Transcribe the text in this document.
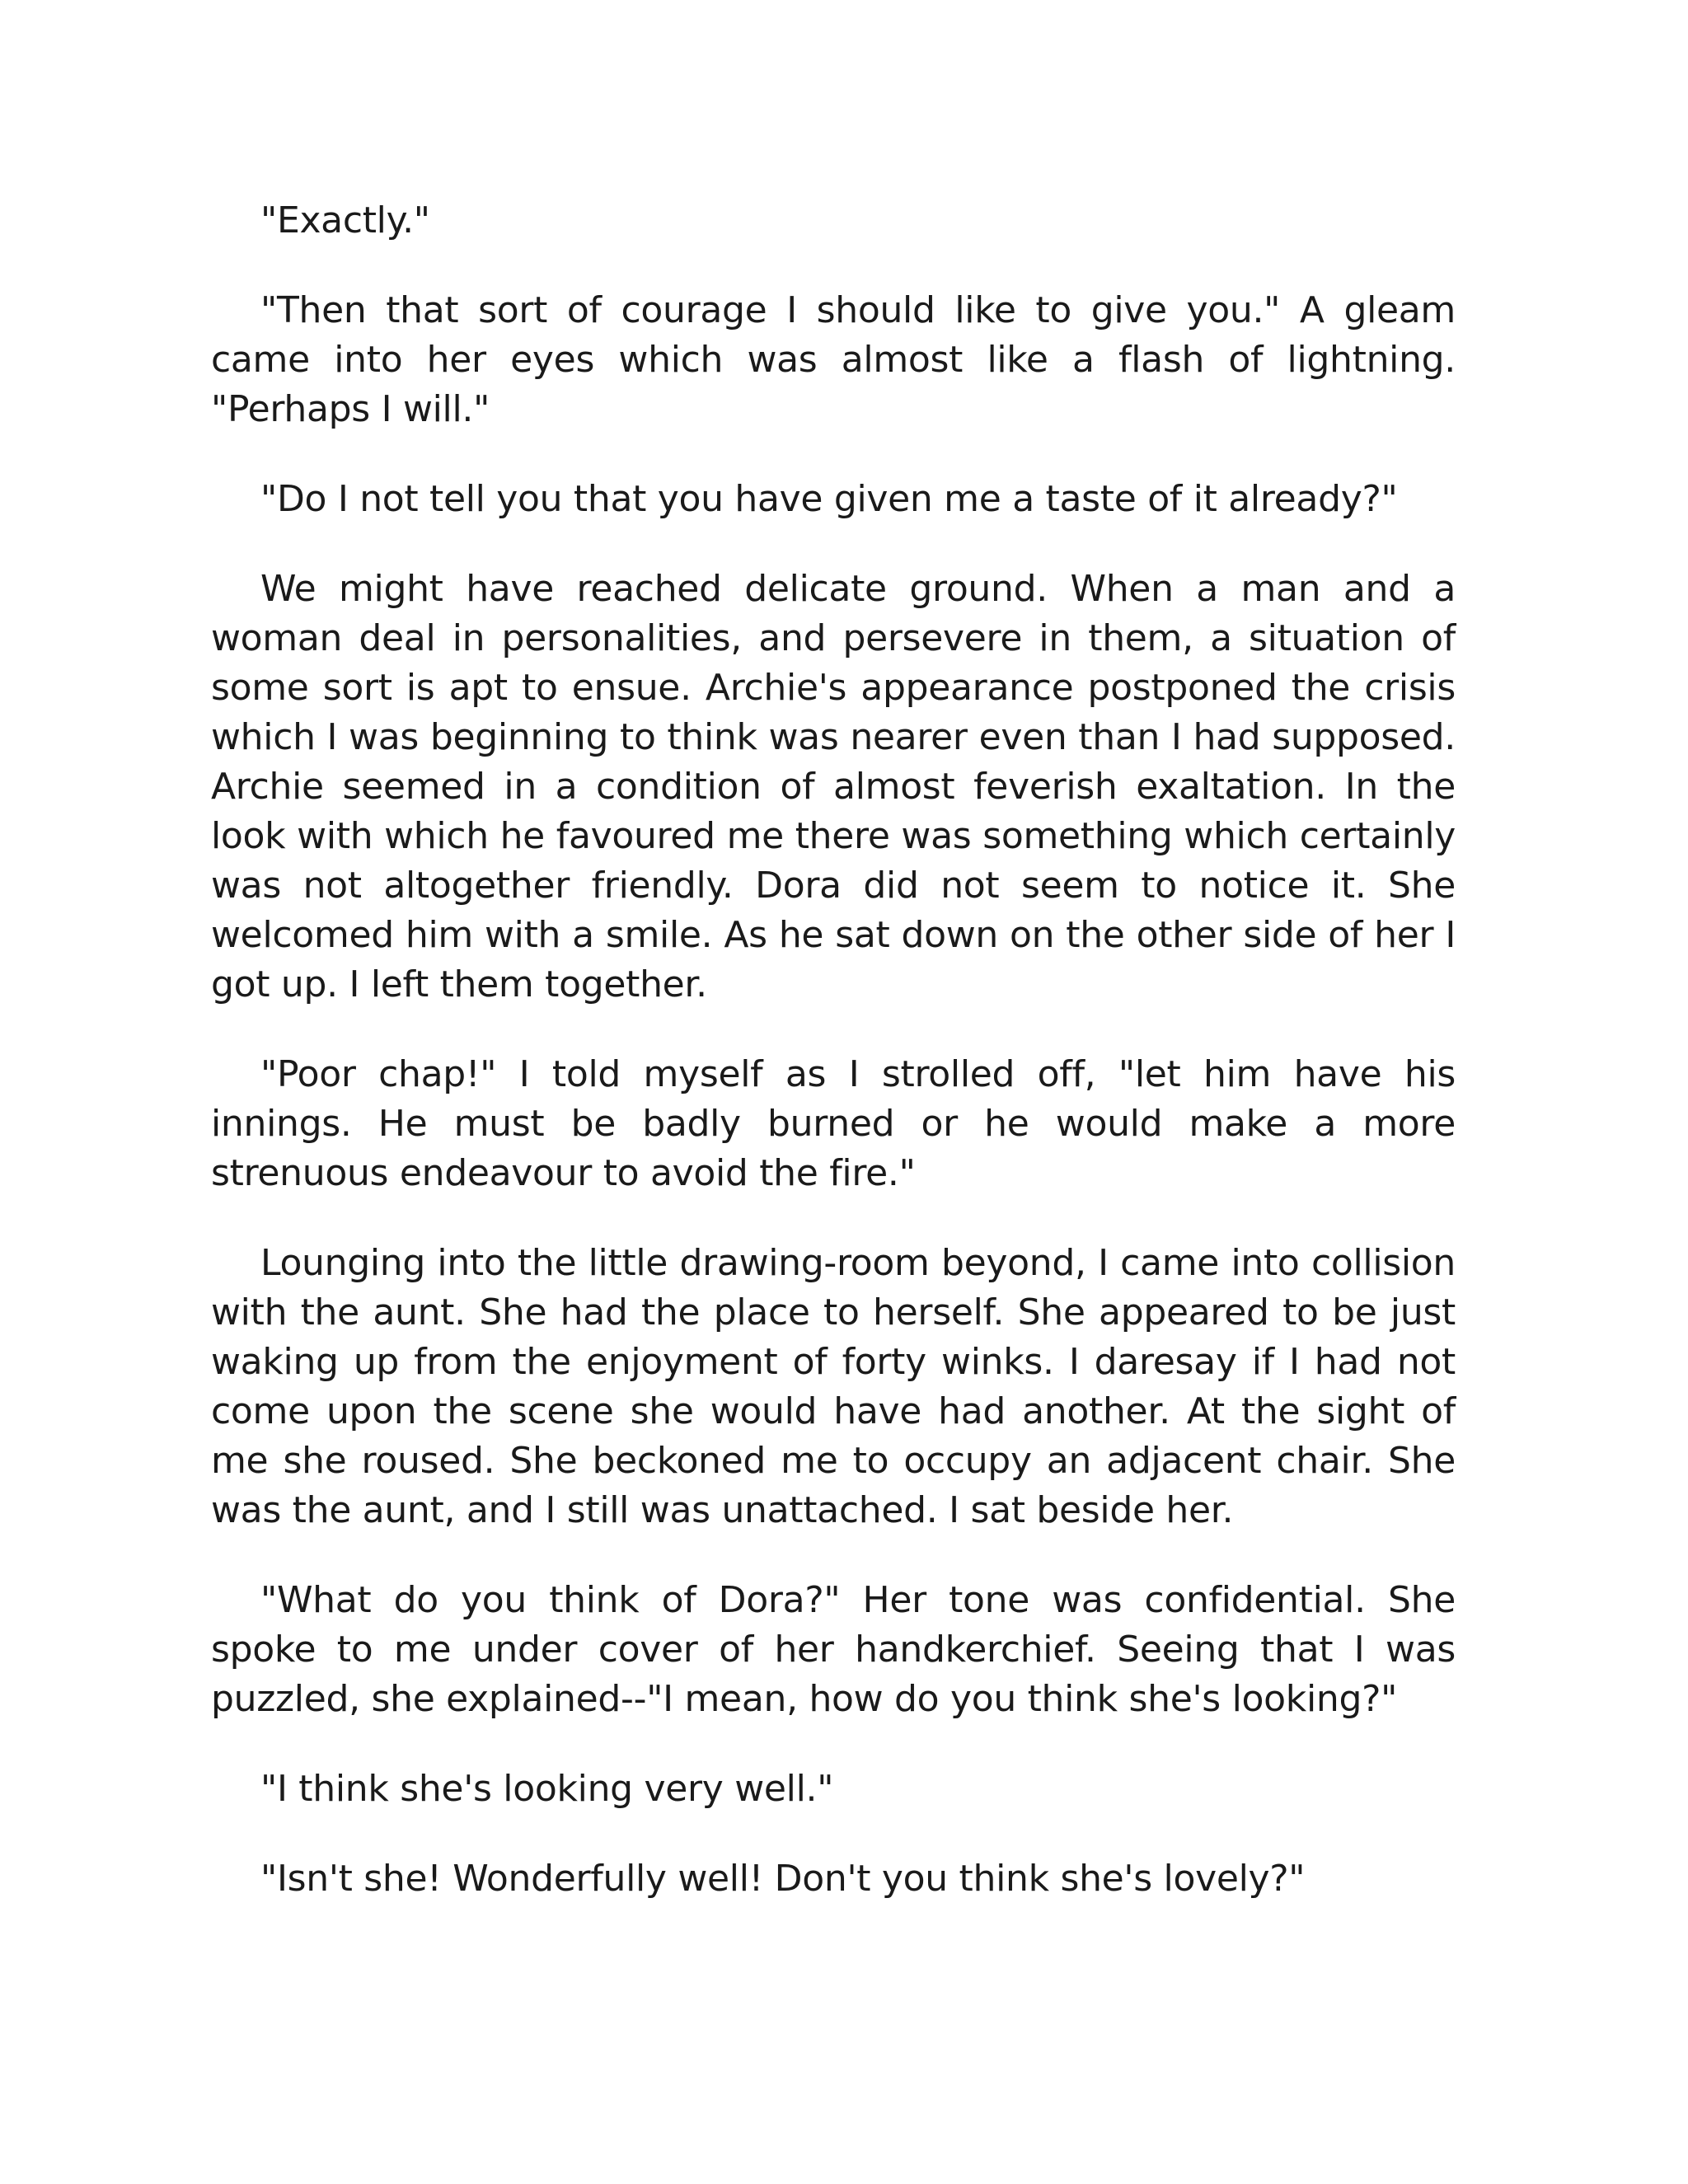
"Exactly."

"Then that sort of courage I should like to give you." A gleam came into her eyes which was almost like a flash of lightning. "Perhaps I will."

"Do I not tell you that you have given me a taste of it already?"

We might have reached delicate ground. When a man and a woman deal in personalities, and persevere in them, a situation of some sort is apt to ensue. Archie's appearance postponed the crisis which I was beginning to think was nearer even than I had supposed. Archie seemed in a condition of almost feverish exaltation. In the look with which he favoured me there was something which certainly was not altogether friendly. Dora did not seem to notice it. She welcomed him with a smile. As he sat down on the other side of her I got up. I left them together.

"Poor chap!" I told myself as I strolled off, "let him have his innings. He must be badly burned or he would make a more strenuous endeavour to avoid the fire."

Lounging into the little drawing-room beyond, I came into collision with the aunt. She had the place to herself. She appeared to be just waking up from the enjoyment of forty winks. I daresay if I had not come upon the scene she would have had another. At the sight of me she roused. She beckoned me to occupy an adjacent chair. She was the aunt, and I still was unattached. I sat beside her.

"What do you think of Dora?" Her tone was confidential. She spoke to me under cover of her handkerchief. Seeing that I was puzzled, she explained--"I mean, how do you think she's looking?"

"I think she's looking very well."

"Isn't she! Wonderfully well! Don't you think she's lovely?"
